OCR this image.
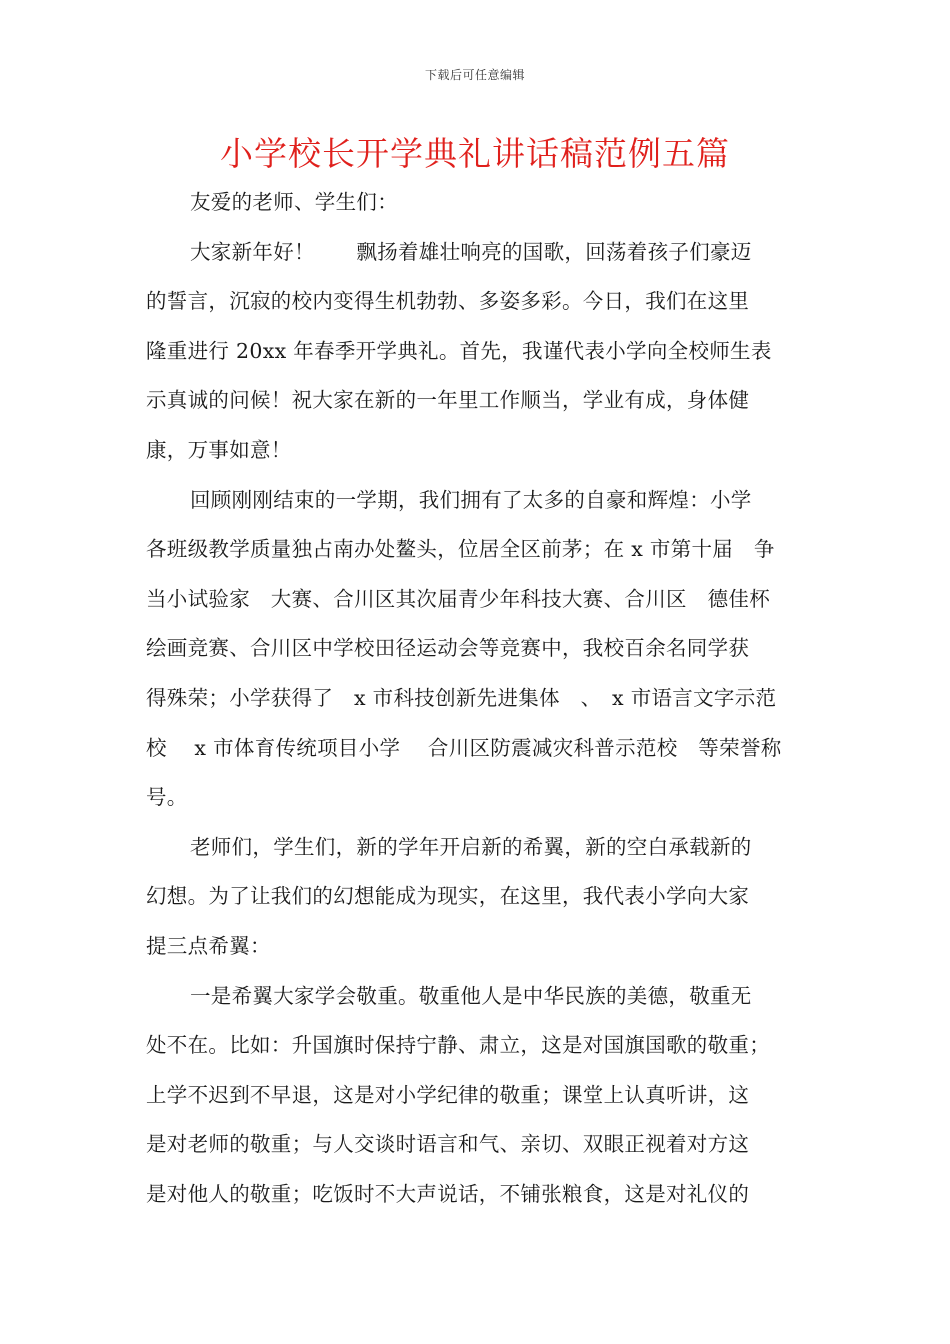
下载后可任意编辑
小学校长开学典礼讲话稿范例五篇
友爱的老师、学生们：
大家新年好！　　飘扬着雄壮响亮的国歌，回荡着孩子们豪迈
的誓言，沉寂的校内变得生机勃勃、多姿多彩。今日，我们在这里
隆重进行 20xx 年春季开学典礼。首先，我谨代表小学向全校师生表
示真诚的问候！祝大家在新的一年里工作顺当，学业有成，身体健
康，万事如意！
回顾刚刚结束的一学期，我们拥有了太多的自豪和辉煌：小学
各班级教学质量独占南办处鳌头，位居全区前茅；在 x 市第十届　争
当小试验家　大赛、合川区其次届青少年科技大赛、合川区　德佳杯
绘画竞赛、合川区中学校田径运动会等竞赛中，我校百余名同学获
得殊荣；小学获得了　x 市科技创新先进集体　、　x 市语言文字示范
校　 x 市体育传统项目小学　 合川区防震减灾科普示范校　等荣誉称
号。
老师们，学生们，新的学年开启新的希翼，新的空白承载新的
幻想。为了让我们的幻想能成为现实，在这里，我代表小学向大家
提三点希翼：
一是希翼大家学会敬重。敬重他人是中华民族的美德，敬重无
处不在。比如：升国旗时保持宁静、肃立，这是对国旗国歌的敬重；
上学不迟到不早退，这是对小学纪律的敬重；课堂上认真听讲，这
是对老师的敬重；与人交谈时语言和气、亲切、双眼正视着对方这
是对他人的敬重；吃饭时不大声说话，不铺张粮食，这是对礼仪的
